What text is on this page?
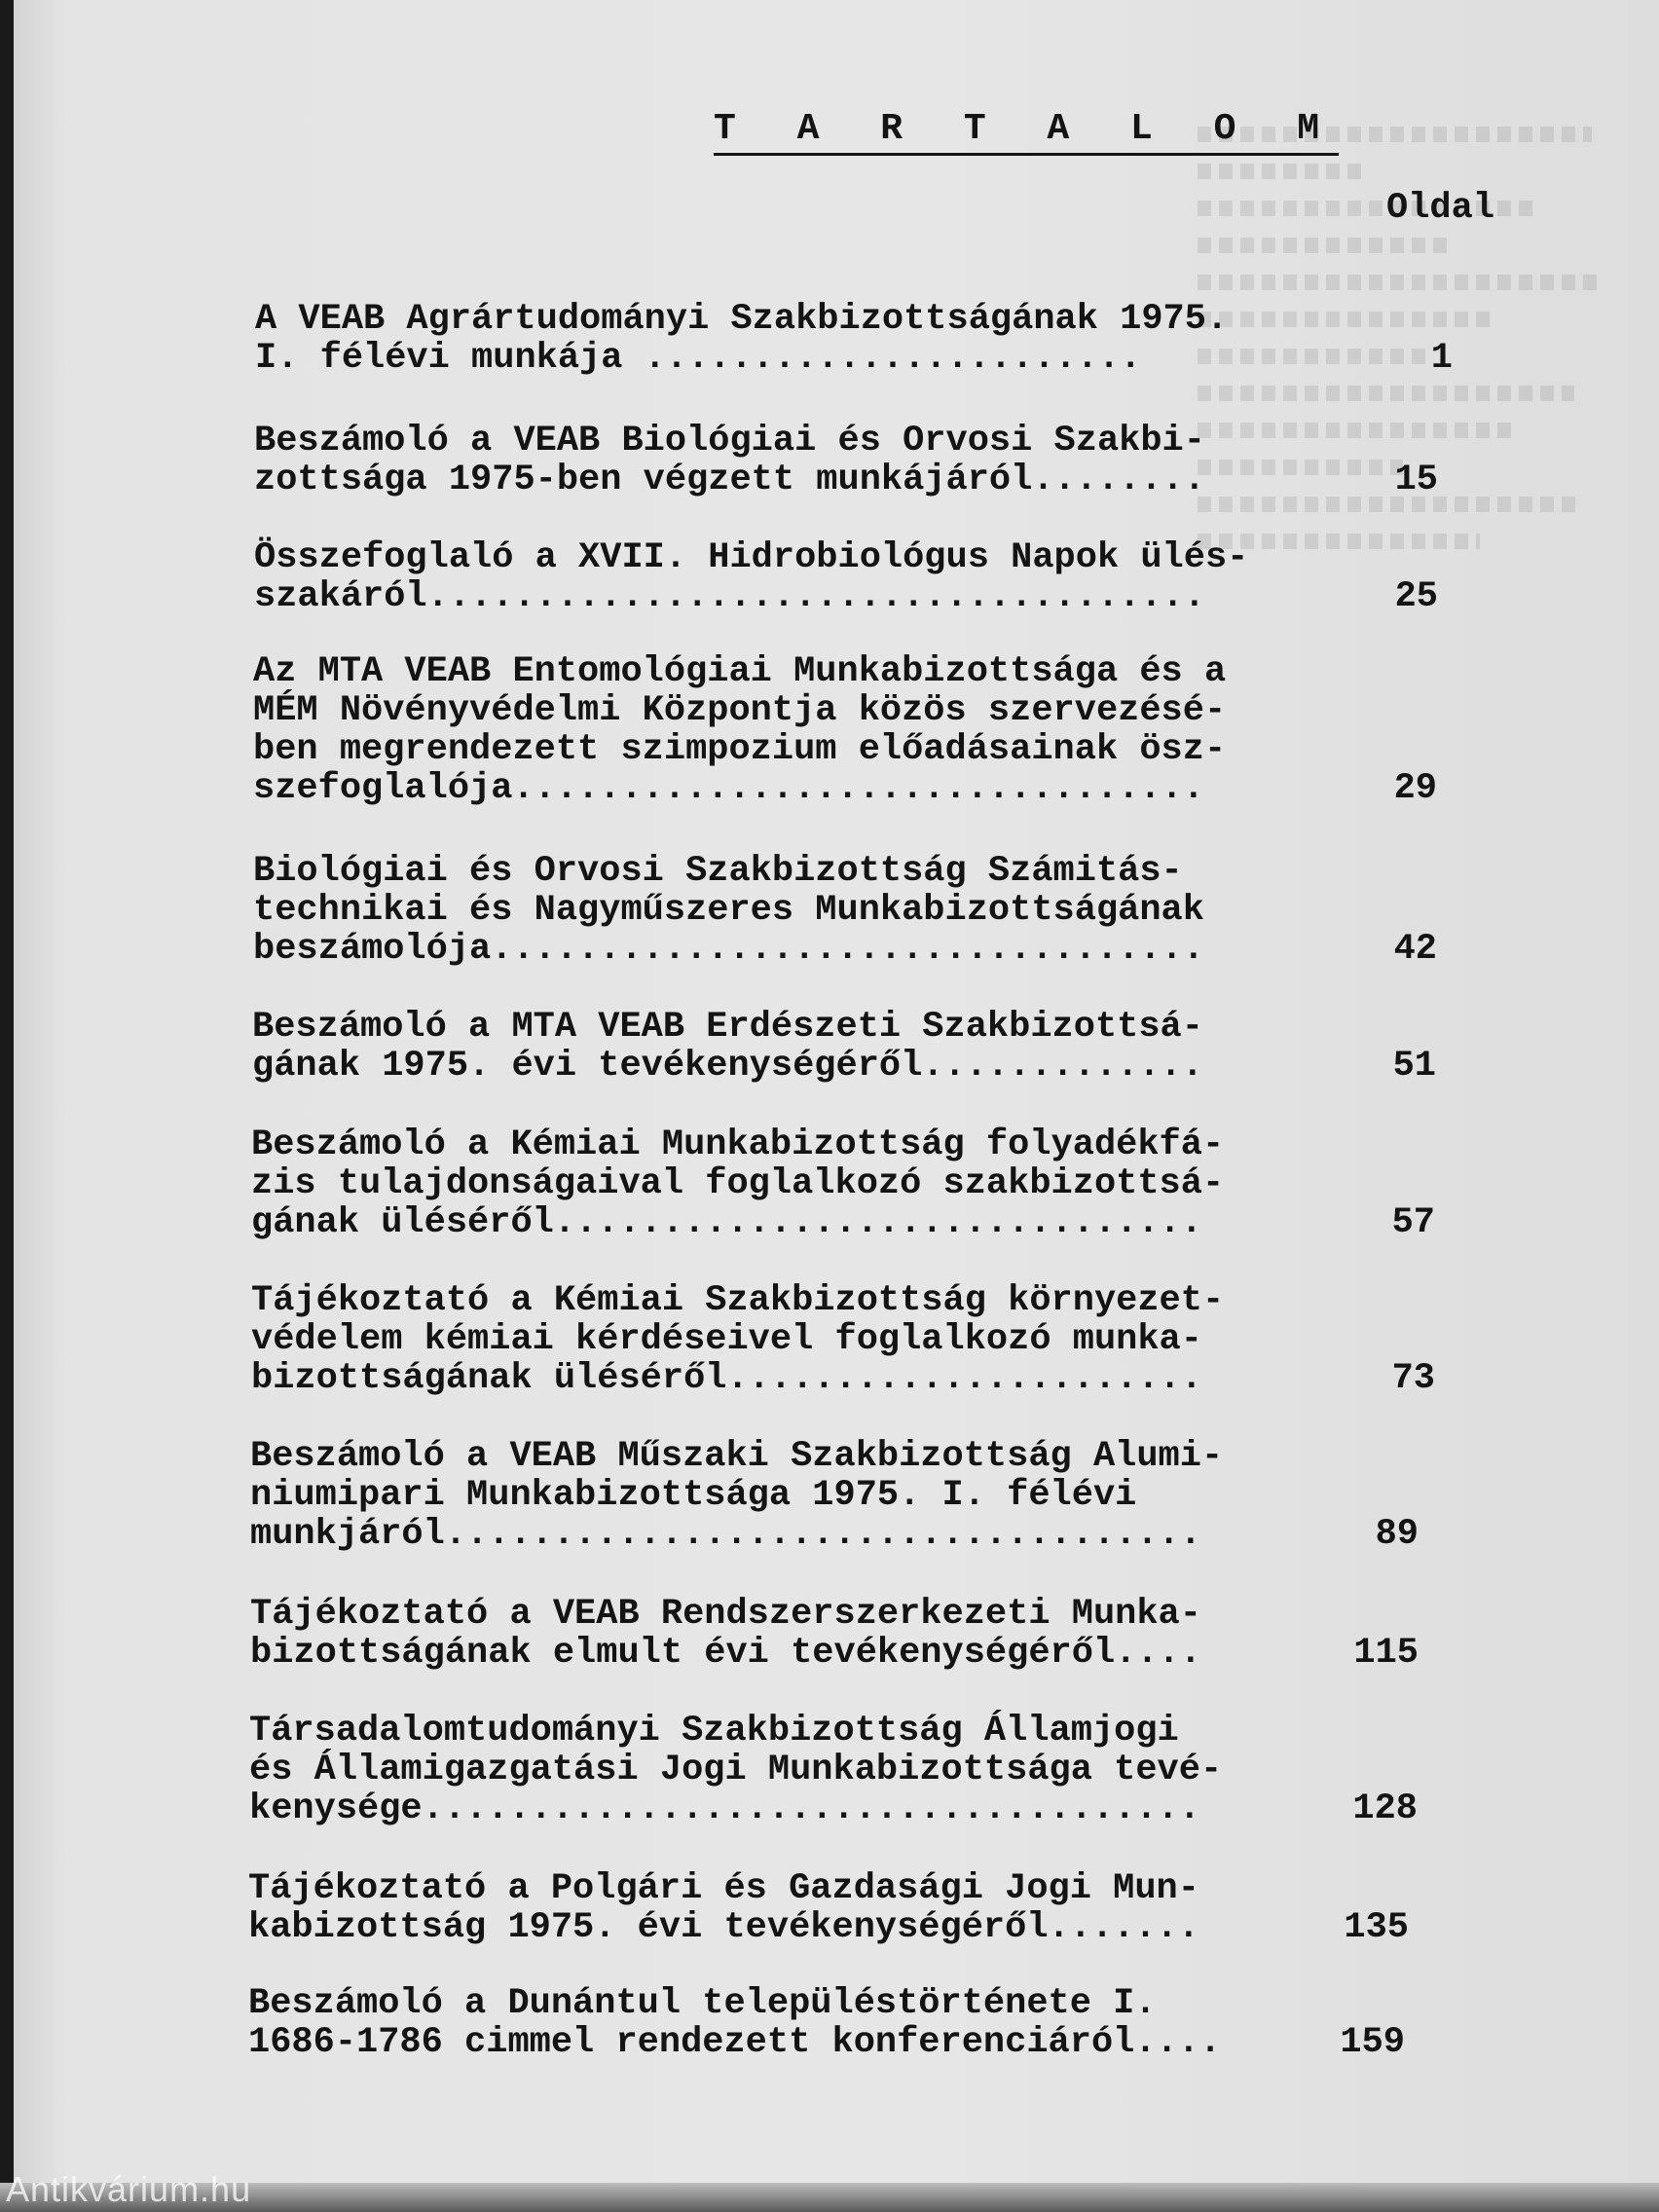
T A R T A L O M
Oldal
A VEAB Agrártudományi Szakbizottságának 1975.
I. félévi munkája .......................	1
Beszámoló a VEAB Biológiai és Orvosi Szakbi-
zottsága 1975-ben végzett munkájáról........	15
Összefoglaló a XVII. Hidrobiológus Napok ülés-
szakáról....................................	25
Az MTA VEAB Entomológiai Munkabizottsága és a
MÉM Növényvédelmi Központja közös szervezésé-
ben megrendezett szimpozium előadásainak ösz-
szefoglalója................................	29
Biológiai és Orvosi Szakbizottság Számitás-
technikai és Nagyműszeres Munkabizottságának
beszámolója.................................	42
Beszámoló a MTA VEAB Erdészeti Szakbizottsá-
gának 1975. évi tevékenységéről.............	51
Beszámoló a Kémiai Munkabizottság folyadékfá-
zis tulajdonságaival foglalkozó szakbizottsá-
gának üléséről..............................	57
Tájékoztató a Kémiai Szakbizottság környezet-
védelem kémiai kérdéseivel foglalkozó munka-
bizottságának üléséről......................	73
Beszámoló a VEAB Műszaki Szakbizottság Alumi-
niumipari Munkabizottsága 1975. I. félévi
munkjáról...................................	89
Tájékoztató a VEAB Rendszerszerkezeti Munka-
bizottságának elmult évi tevékenységéről....	115
Társadalomtudományi Szakbizottság Államjogi
és Államigazgatási Jogi Munkabizottsága tevé-
kenysége....................................	128
Tájékoztató a Polgári és Gazdasági Jogi Mun-
kabizottság 1975. évi tevékenységéről.......	135
Beszámoló a Dunántul településtörténete I.
1686-1786 cimmel rendezett konferenciáról....	159
Antikvárium.hu
